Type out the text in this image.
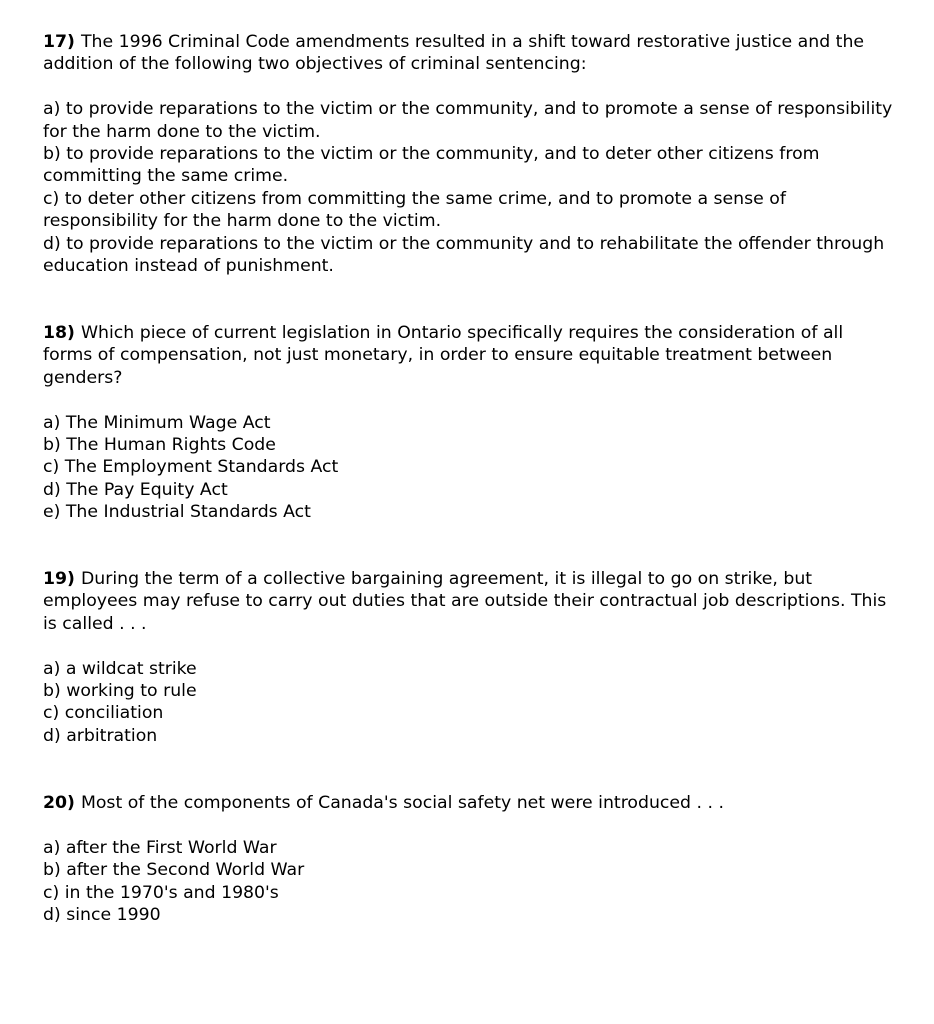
17) The 1996 Criminal Code amendments resulted in a shift toward restorative justice and the addition of the following two objectives of criminal sentencing:

a) to provide reparations to the victim or the community, and to promote a sense of responsibility for the harm done to the victim.
b) to provide reparations to the victim or the community, and to deter other citizens from committing the same crime.
c) to deter other citizens from committing the same crime, and to promote a sense of responsibility for the harm done to the victim.
d) to provide reparations to the victim or the community and to rehabilitate the offender through education instead of punishment.

18) Which piece of current legislation in Ontario specifically requires the consideration of all forms of compensation, not just monetary, in order to ensure equitable treatment between genders?

a) The Minimum Wage Act
b) The Human Rights Code
c) The Employment Standards Act
d) The Pay Equity Act
e) The Industrial Standards Act

19) During the term of a collective bargaining agreement, it is illegal to go on strike, but employees may refuse to carry out duties that are outside their contractual job descriptions. This is called . . .

a) a wildcat strike
b) working to rule
c) conciliation
d) arbitration

20) Most of the components of Canada's social safety net were introduced . . .

a) after the First World War
b) after the Second World War
c) in the 1970's and 1980's
d) since 1990
